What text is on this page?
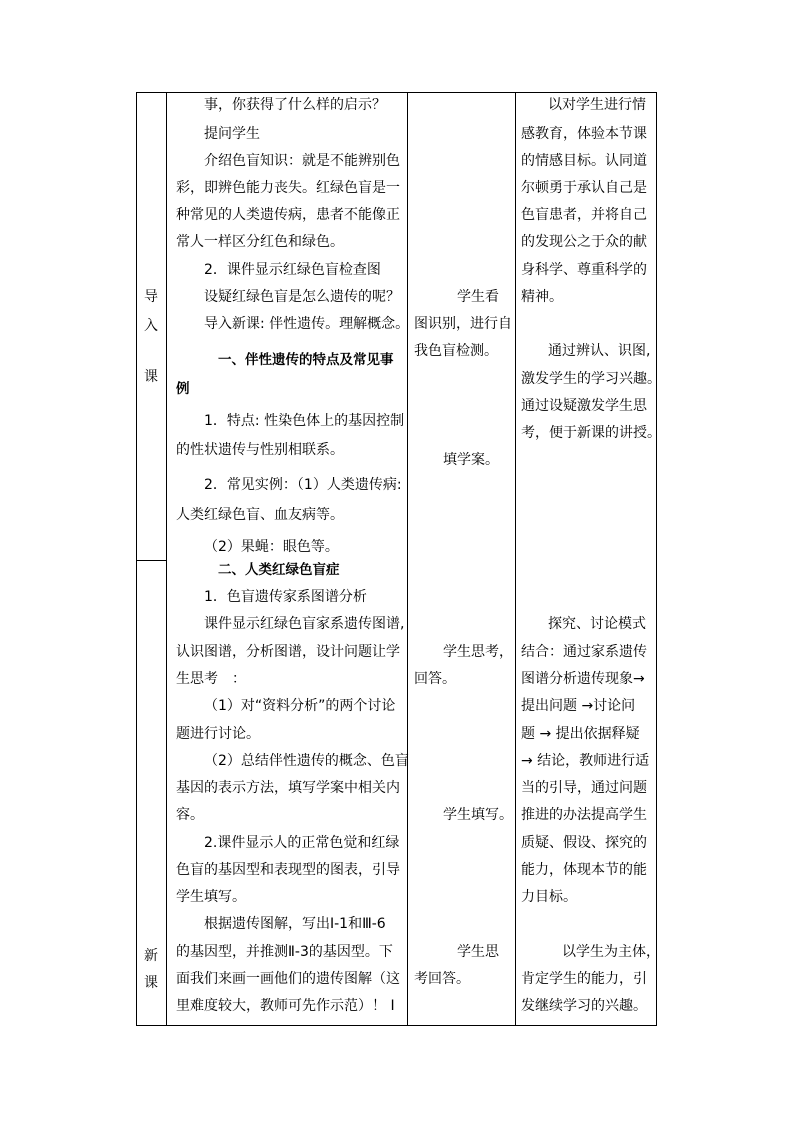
导
入
课
新
课
事，你获得了什么样的启示？
提问学生
介绍色盲知识：就是不能辨别色
彩，即辨色能力丧失。红绿色盲是一
种常见的人类遗传病，患者不能像正
常人一样区分红色和绿色。
2．课件显示红绿色盲检查图
设疑红绿色盲是怎么遗传的呢？
导入新课: 伴性遗传。理解概念。
一、伴性遗传的特点及常见事
例
1．特点: 性染色体上的基因控制
的性状遗传与性别相联系。
2．常见实例：（1）人类遗传病:
人类红绿色盲、血友病等。
（2）果蝇：眼色等。
二、人类红绿色盲症
1．色盲遗传家系图谱分析
课件显示红绿色盲家系遗传图谱,
认识图谱，分析图谱，设计问题让学
生思考　：
（1）对“资料分析”的两个讨论
题进行讨论。
（2）总结伴性遗传的概念、色盲
基因的表示方法，填写学案中相关内
容。
2.课件显示人的正常色觉和红绿
色盲的基因型和表现型的图表，引导
学生填写。
根据遗传图解，写出Ⅰ-1和Ⅲ-6
的基因型，并推测Ⅱ-3的基因型。下
面我们来画一画他们的遗传图解（这
里难度较大，教师可先作示范）！ Ⅰ
学生看
图识别，进行自
我色盲检测。
填学案。
学生思考，
回答。
学生填写。
学生思
考回答。
以对学生进行情
感教育，体验本节课
的情感目标。认同道
尔顿勇于承认自己是
色盲患者，并将自己
的发现公之于众的献
身科学、尊重科学的
精神。
通过辨认、识图,
激发学生的学习兴趣。
通过设疑激发学生思
考，便于新课的讲授。
探究、讨论模式
结合：通过家系遗传
图谱分析遗传现象→
提出问题 →讨论问
题 → 提出依据释疑
→ 结论，教师进行适
当的引导，通过问题
推进的办法提高学生
质疑、假设、探究的
能力，体现本节的能
力目标。
以学生为主体，
肯定学生的能力，引
发继续学习的兴趣。
